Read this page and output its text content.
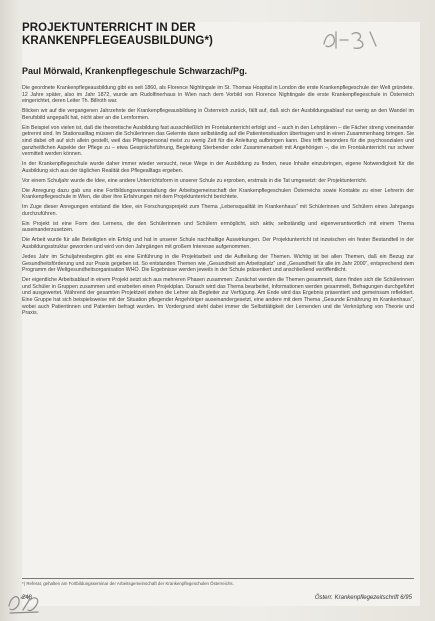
PROJEKTUNTERRICHT IN DER KRANKENPFLEGEAUSBILDUNG*)
Paul Mörwald, Krankenpflegeschule Schwarzach/Pg.

Die geordnete Krankenpflegeausbildung gibt es seit 1860, als Florence Nightingale im St. Thomas Hospital in London die erste Krankenpflegeschule der Welt gründete. 12 Jahre später, also im Jahr 1872, wurde am Rudolfinerhaus in Wien nach dem Vorbild von Florence Nightingale die erste Krankenpflegeschule in Österreich eingerichtet, deren Leiter Th. Billroth war.

Blicken wir auf die vergangenen Jahrzehnte der Krankenpflegeausbildung in Österreich zurück, fällt auf, daß sich der Ausbildungsablauf nur wenig an den Wandel im Berufsbild angepaßt hat, nicht aber an die Lernformen.

Ein Beispiel von vielen ist, daß die theoretische Ausbildung fast ausschließlich im Frontalunterricht erfolgt und – auch in den Lehrplänen – die Fächer streng voneinander getrennt sind. Im Stationsalltag müssen die Schülerinnen das Gelernte dann selbständig auf die Patientensituation übertragen und in einen Zusammenhang bringen. Sie sind dabei oft auf sich allein gestellt, weil das Pflegepersonal meist zu wenig Zeit für die Anleitung aufbringen kann. Dies trifft besonders für die psychosozialen und ganzheitlichen Aspekte der Pflege zu – etwa Gesprächsführung, Begleitung Sterbender oder Zusammenarbeit mit Angehörigen –, die im Frontalunterricht nur schwer vermittelt werden können.

In der Krankenpflegeschule wurde daher immer wieder versucht, neue Wege in der Ausbildung zu finden, neue Inhalte einzubringen, eigene Notwendigkeit für die Ausbildung sich aus der täglichen Realität des Pflegealltags ergeben.

Vor einem Schuljahr wurde die Idee, eine andere Unterrichtsform in unserer Schule zu erproben, erstmals in die Tat umgesetzt: der Projektunterricht.

Die Anregung dazu gab uns eine Fortbildungsveranstaltung der Arbeitsgemeinschaft der Krankenpflegeschulen Österreichs sowie Kontakte zu einer Lehrerin der Krankenpflegeschule in Wien, die über ihre Erfahrungen mit dem Projektunterricht berichtete.

Im Zuge dieser Anregungen entstand die Idee, ein Forschungsprojekt zum Thema „Lebensqualität im Krankenhaus“ mit Schülerinnen und Schülern eines Jahrgangs durchzuführen.

Ein Projekt ist eine Form des Lernens, die den Schülerinnen und Schülern ermöglicht, sich aktiv, selbständig und eigenverantwortlich mit einem Thema auseinanderzusetzen.

Die Arbeit wurde für alle Beteiligten ein Erfolg und hat in unserer Schule nachhaltige Auswirkungen. Der Projektunterricht ist inzwischen ein fester Bestandteil in der Ausbildungsstruktur geworden und wird von den Jahrgängen mit großem Interesse aufgenommen.

Jedes Jahr im Schuljahresbeginn gibt es eine Einführung in die Projektarbeit und die Aufteilung der Themen. Wichtig ist bei allen Themen, daß ein Bezug zur Gesundheitsförderung und zur Praxis gegeben ist. So entstanden Themen wie „Gesundheit am Arbeitsplatz“ und „Gesundheit für alle im Jahr 2000“, entsprechend dem Programm der Weltgesundheitsorganisation WHO. Die Ergebnisse werden jeweils in der Schule präsentiert und anschließend veröffentlicht.

Der eigentliche Arbeitsablauf in einem Projekt setzt sich aus mehreren Phasen zusammen: Zunächst werden die Themen gesammelt, dann finden sich die Schülerinnen und Schüler in Gruppen zusammen und erarbeiten einen Projektplan. Danach wird das Thema bearbeitet, Informationen werden gesammelt, Befragungen durchgeführt und ausgewertet. Während der gesamten Projektzeit stehen die Lehrer als Begleiter zur Verfügung. Am Ende wird das Ergebnis präsentiert und gemeinsam reflektiert. Eine Gruppe hat sich beispielsweise mit der Situation pflegender Angehöriger auseinandergesetzt, eine andere mit dem Thema „Gesunde Ernährung im Krankenhaus“, wobei auch Patientinnen und Patienten befragt wurden. Im Vordergrund steht dabei immer die Selbsttätigkeit der Lernenden und die Verknüpfung von Theorie und Praxis.

*) Referat, gehalten am Fortbildungsseminar der Arbeitsgemeinschaft der Krankenpflegeschulen Österreichs.

248	Österr. Krankenpflegezeitschrift 6/95
